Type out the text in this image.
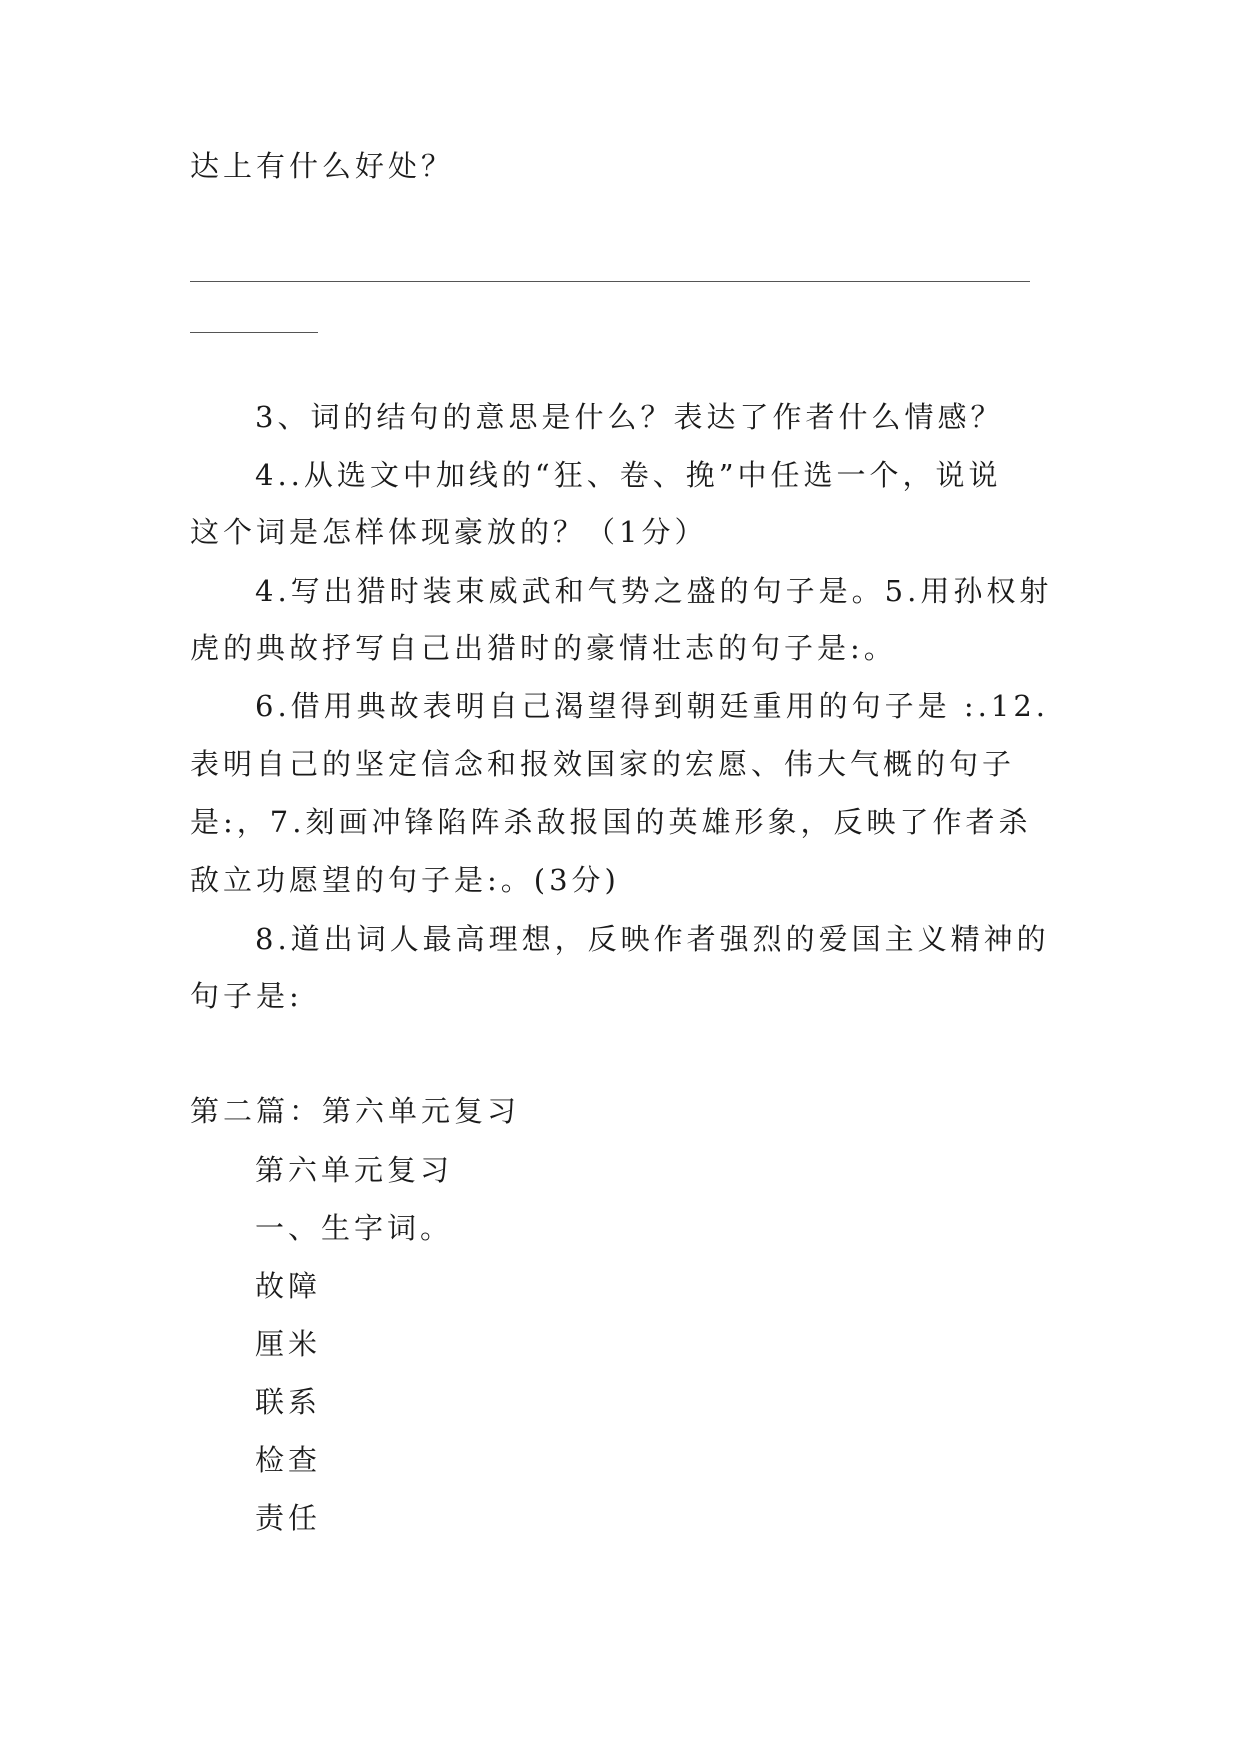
达上有什么好处？
3、词的结句的意思是什么？表达了作者什么情感？
4..从选文中加线的“狂、卷、挽”中任选一个，说说
这个词是怎样体现豪放的？（1分）
4.写出猎时装束威武和气势之盛的句子是。5.用孙权射
虎的典故抒写自己出猎时的豪情壮志的句子是:。
6.借用典故表明自己渴望得到朝廷重用的句子是 :.12.
表明自己的坚定信念和报效国家的宏愿、伟大气概的句子
是:，7.刻画冲锋陷阵杀敌报国的英雄形象，反映了作者杀
敌立功愿望的句子是:。(3分)
8.道出词人最高理想，反映作者强烈的爱国主义精神的
句子是:
第二篇：第六单元复习
第六单元复习
一、生字词。
故障
厘米
联系
检查
责任
